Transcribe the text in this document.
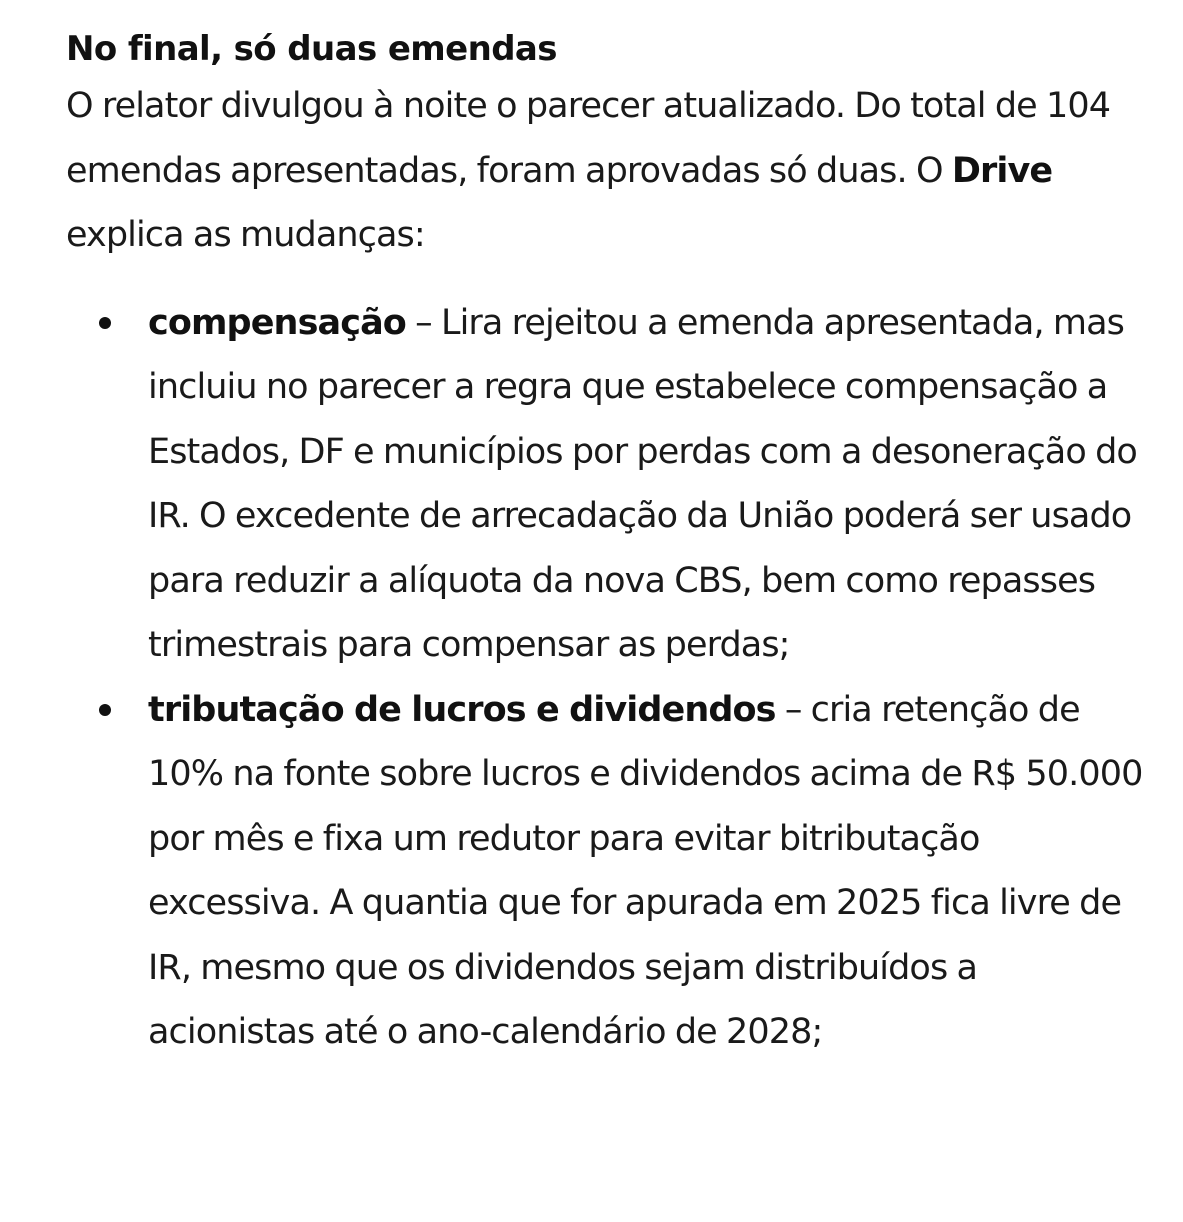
No final, só duas emendas

O relator divulgou à noite o parecer atualizado. Do total de 104 emendas apresentadas, foram aprovadas só duas. O Drive explica as mudanças:

compensação – Lira rejeitou a emenda apresentada, mas incluiu no parecer a regra que estabelece compensação a Estados, DF e municípios por perdas com a desoneração do IR. O excedente de arrecadação da União poderá ser usado para reduzir a alíquota da nova CBS, bem como repasses trimestrais para compensar as perdas;
tributação de lucros e dividendos – cria retenção de 10% na fonte sobre lucros e dividendos acima de R$ 50.000 por mês e fixa um redutor para evitar bitributação excessiva. A quantia que for apurada em 2025 fica livre de IR, mesmo que os dividendos sejam distribuídos a acionistas até o ano-calendário de 2028;
